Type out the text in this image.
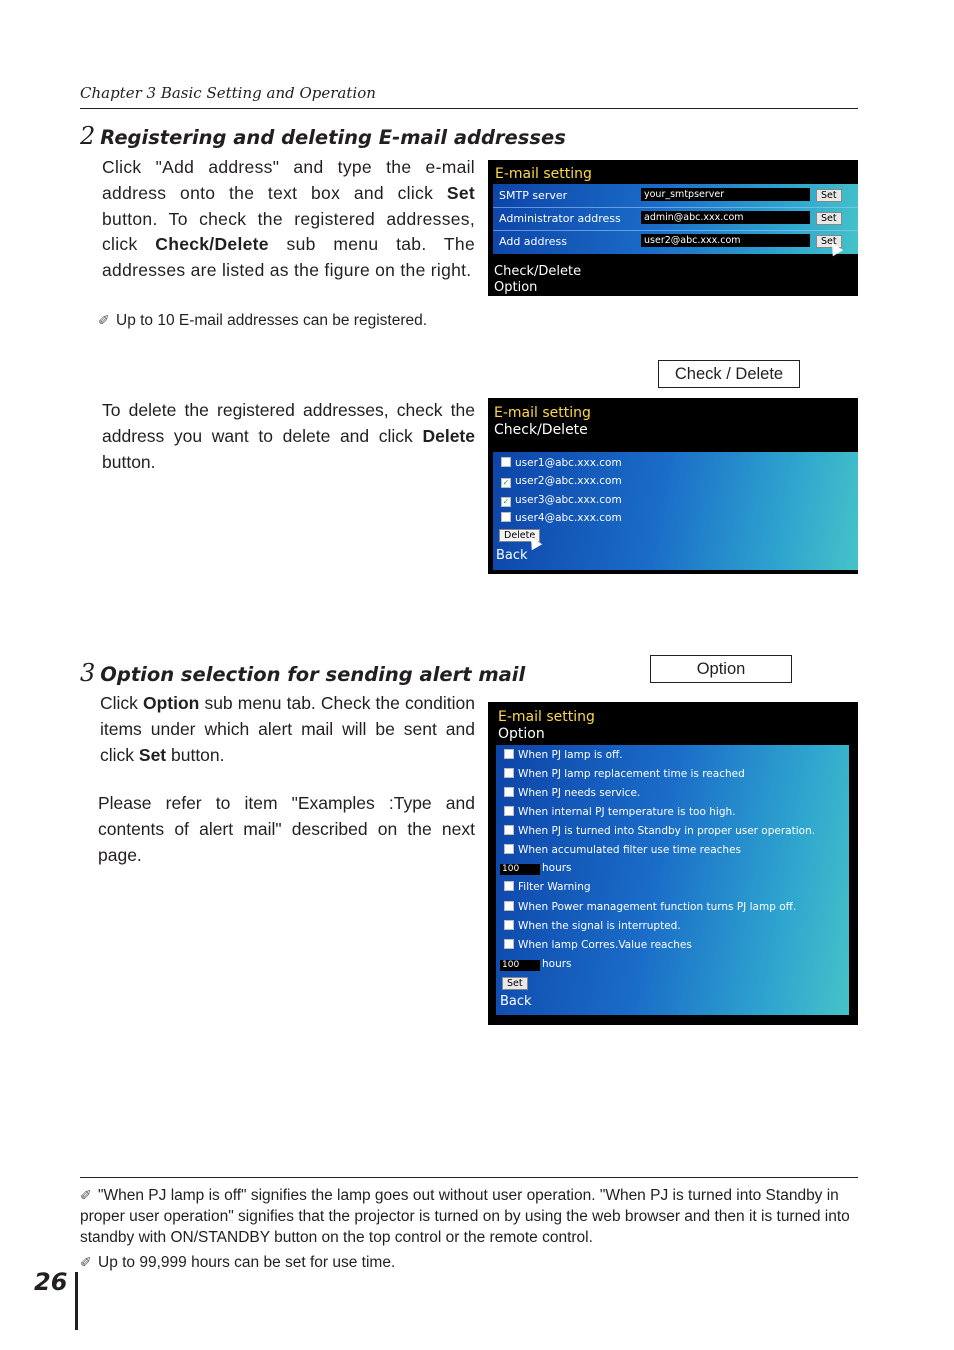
Chapter 3 Basic Setting and Operation
2 Registering and deleting E-mail addresses
Click "Add address" and type the e-mail address onto the text box and click Set button. To check the registered addresses, click Check/Delete sub menu tab. The addresses are listed as the figure on the right.
✐ Up to 10 E-mail addresses can be registered.
E-mail setting
SMTP server	your_smtpserver	Set
Administrator address	admin@abc.xxx.com	Set
Add address	user2@abc.xxx.com	Set
Check/Delete
Option
Check / Delete
To delete the registered addresses, check the address you want to delete and click Delete button.
E-mail setting
Check/Delete
user1@abc.xxx.com
✓ user2@abc.xxx.com
✓ user3@abc.xxx.com
user4@abc.xxx.com
Delete
Back
3 Option selection for sending alert mail	Option
Click Option sub menu tab. Check the condition items under which alert mail will be sent and click Set button.
Please refer to item "Examples :Type and contents of alert mail" described on the next page.
E-mail setting
Option
When PJ lamp is off.
When PJ lamp replacement time is reached
When PJ needs service.
When internal PJ temperature is too high.
When PJ is turned into Standby in proper user operation.
When accumulated filter use time reaches
100 hours
Filter Warning
When Power management function turns PJ lamp off.
When the signal is interrupted.
When lamp Corres.Value reaches
100 hours
Set
Back
✐ "When PJ lamp is off" signifies the lamp goes out without user operation. "When PJ is turned into Standby in proper user operation" signifies that the projector is turned on by using the web browser and then it is turned into standby with ON/STANDBY button on the top control or the remote control.
✐ Up to 99,999 hours can be set for use time.
26
